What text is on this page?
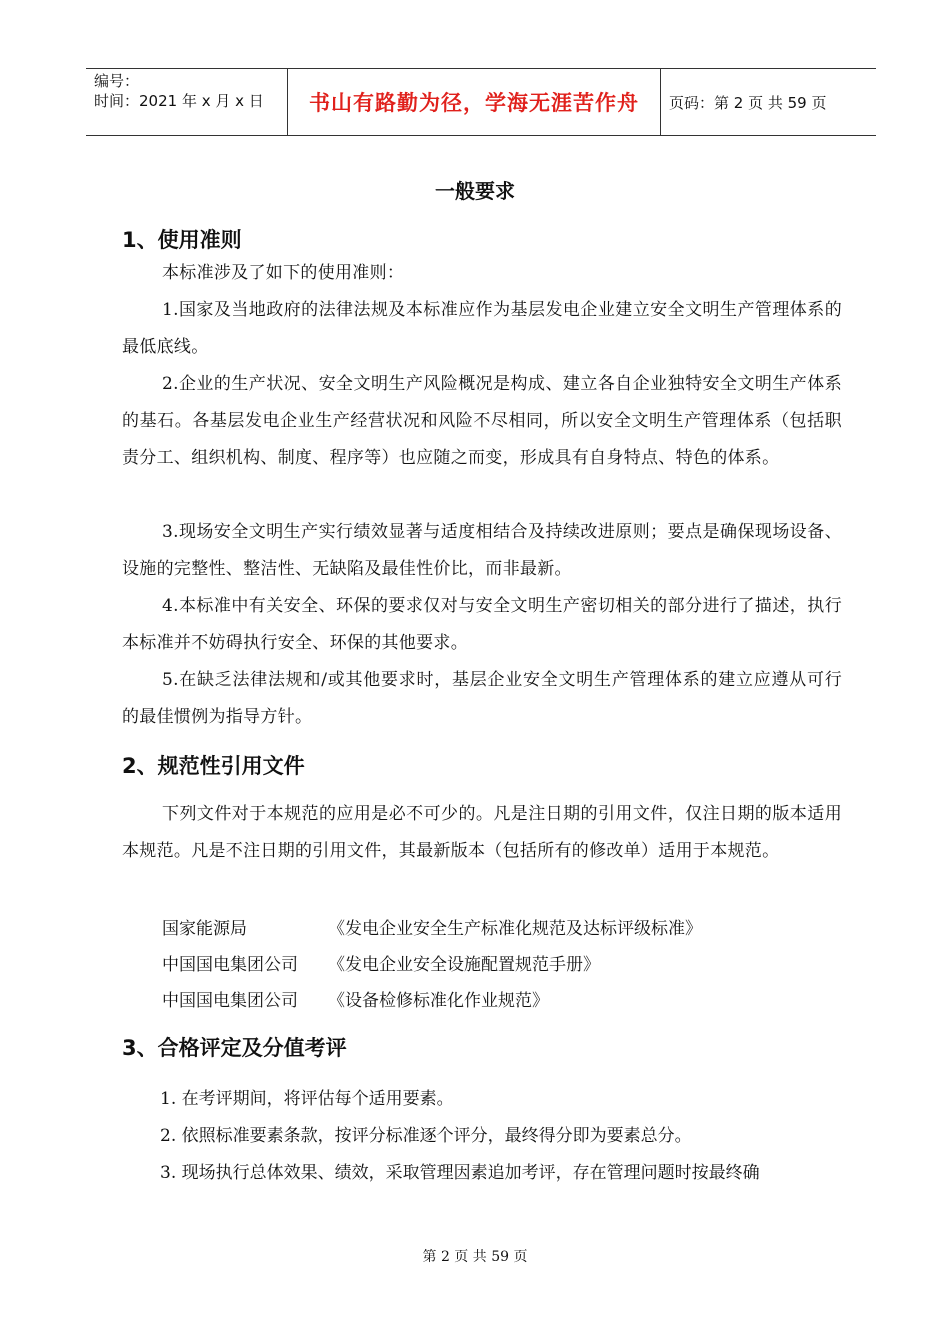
编号：
时间：2021 年 x 月 x 日	书山有路勤为径，学海无涯苦作舟 页码：第 2 页 共 59 页
一般要求
1、使用准则
本标准涉及了如下的使用准则：
1.国家及当地政府的法律法规及本标准应作为基层发电企业建立安全文明生产管理体系的最低底线。
2.企业的生产状况、安全文明生产风险概况是构成、建立各自企业独特安全文明生产体系的基石。各基层发电企业生产经营状况和风险不尽相同，所以安全文明生产管理体系（包括职责分工、组织机构、制度、程序等）也应随之而变，形成具有自身特点、特色的体系。
3.现场安全文明生产实行绩效显著与适度相结合及持续改进原则；要点是确保现场设备、设施的完整性、整洁性、无缺陷及最佳性价比，而非最新。
4.本标准中有关安全、环保的要求仅对与安全文明生产密切相关的部分进行了描述，执行本标准并不妨碍执行安全、环保的其他要求。
5.在缺乏法律法规和/或其他要求时，基层企业安全文明生产管理体系的建立应遵从可行的最佳惯例为指导方针。
2、规范性引用文件
下列文件对于本规范的应用是必不可少的。凡是注日期的引用文件，仅注日期的版本适用本规范。凡是不注日期的引用文件，其最新版本（包括所有的修改单）适用于本规范。
国家能源局	《发电企业安全生产标准化规范及达标评级标准》
中国国电集团公司 《发电企业安全设施配置规范手册》
中国国电集团公司 《设备检修标准化作业规范》
3、合格评定及分值考评
1. 在考评期间，将评估每个适用要素。
2. 依照标准要素条款，按评分标准逐个评分，最终得分即为要素总分。
3. 现场执行总体效果、绩效，采取管理因素追加考评，存在管理问题时按最终确
第 2 页 共 59 页
